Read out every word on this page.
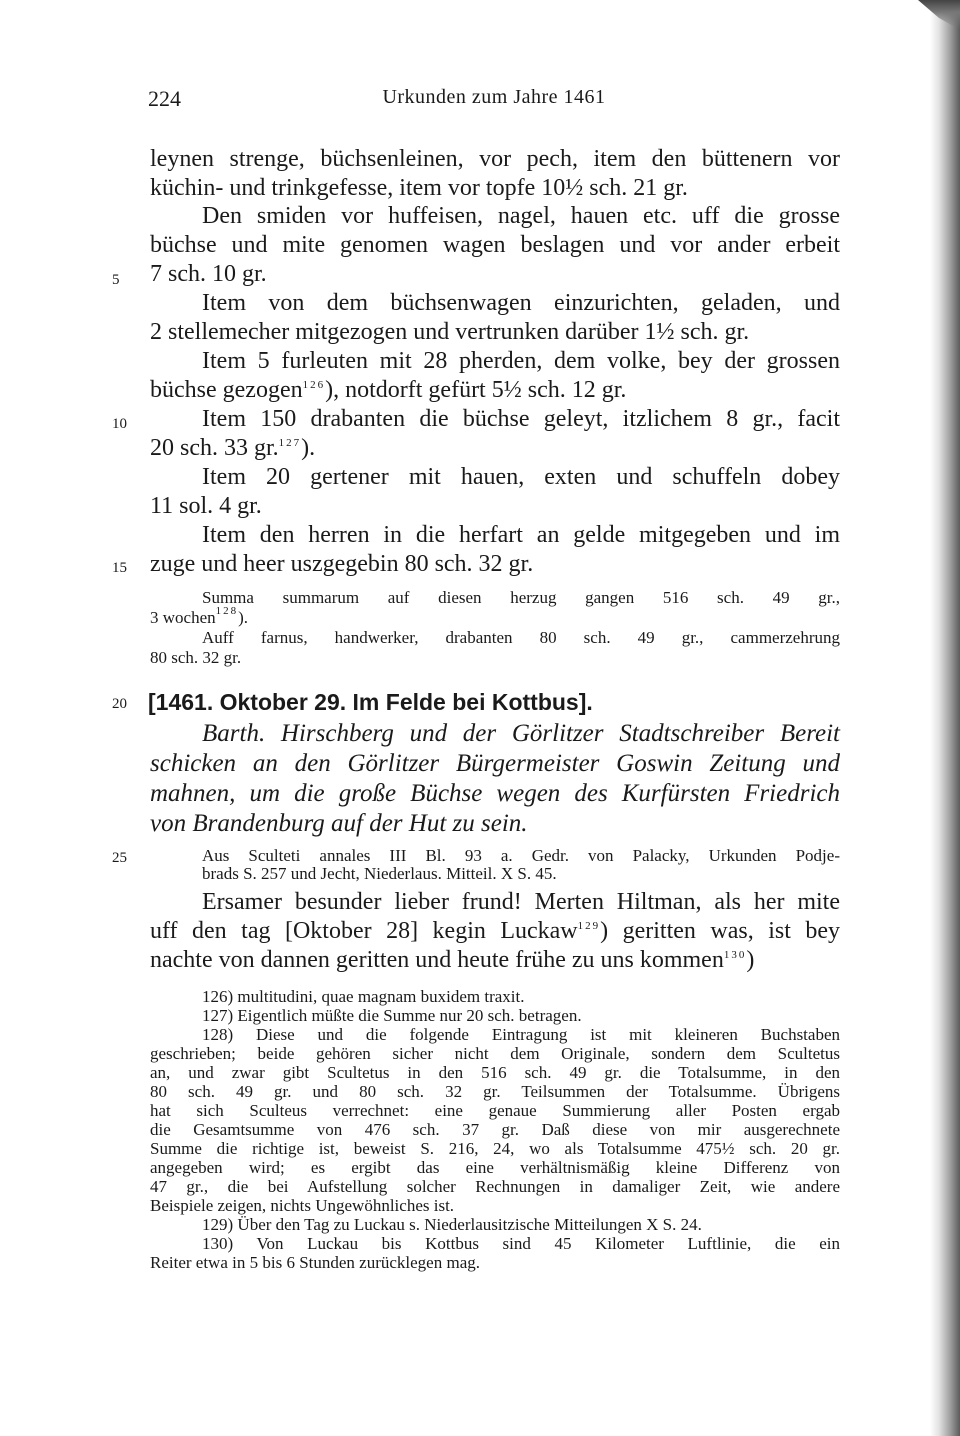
224	Urkunden zum Jahre 1461
5
10
15
20
25
leynen strenge, büchsenleinen, vor pech, item den büttenern vor
küchin- und trinkgefesse, item vor topfe 10½ sch. 21 gr.
Den smiden vor huffeisen, nagel, hauen etc. uff die grosse
büchse und mite genomen wagen beslagen und vor ander erbeit
7 sch. 10 gr.
Item von dem büchsenwagen einzurichten, geladen, und
2 stellemecher mitgezogen und vertrunken darüber 1½ sch. gr.
Item 5 furleuten mit 28 pherden, dem volke, bey der grossen
büchse gezogen$^{126}$), notdorft gefürt 5½ sch. 12 gr.
Item 150 drabanten die büchse geleyt, itzlichem 8 gr., facit
20 sch. 33 gr.$^{127}$).
Item 20 gertener mit hauen, exten und schuffeln dobey
11 sol. 4 gr.
Item den herren in die herfart an gelde mitgegeben und im
zuge und heer uszgegebin 80 sch. 32 gr.
Summa summarum auf diesen herzug gangen 516 sch. 49 gr.,
3 wochen$^{128}$).
Auff farnus, handwerker, drabanten 80 sch. 49 gr., cammerzehrung
80 sch. 32 gr.
[1461. Oktober 29. Im Felde bei Kottbus].
Barth. Hirschberg und der Görlitzer Stadtschreiber Bereit
schicken an den Görlitzer Bürgermeister Goswin Zeitung und
mahnen, um die große Büchse wegen des Kurfürsten Friedrich
von Brandenburg auf der Hut zu sein.
Aus Sculteti annales III Bl. 93 a. Gedr. von Palacky, Urkunden Podje-
brads S. 257 und Jecht, Niederlaus. Mitteil. X S. 45.
Ersamer besunder lieber frund! Merten Hiltman, als her mite
uff den tag [Oktober 28] kegin Luckaw$^{129}$) geritten was, ist bey
nachte von dannen geritten und heute frühe zu uns kommen$^{130}$)
126) multitudini, quae magnam buxidem traxit.
127) Eigentlich müßte die Summe nur 20 sch. betragen.
128) Diese und die folgende Eintragung ist mit kleineren Buchstaben
geschrieben; beide gehören sicher nicht dem Originale, sondern dem Scultetus
an, und zwar gibt Scultetus in den 516 sch. 49 gr. die Totalsumme, in den
80 sch. 49 gr. und 80 sch. 32 gr. Teilsummen der Totalsumme. Übrigens
hat sich Sculteus verrechnet: eine genaue Summierung aller Posten ergab
die Gesamtsumme von 476 sch. 37 gr. Daß diese von mir ausgerechnete
Summe die richtige ist, beweist S. 216, 24, wo als Totalsumme 475½ sch. 20 gr.
angegeben wird; es ergibt das eine verhältnismäßig kleine Differenz von
47 gr., die bei Aufstellung solcher Rechnungen in damaliger Zeit, wie andere
Beispiele zeigen, nichts Ungewöhnliches ist.
129) Über den Tag zu Luckau s. Niederlausitzische Mitteilungen X S. 24.
130) Von Luckau bis Kottbus sind 45 Kilometer Luftlinie, die ein
Reiter etwa in 5 bis 6 Stunden zurücklegen mag.
